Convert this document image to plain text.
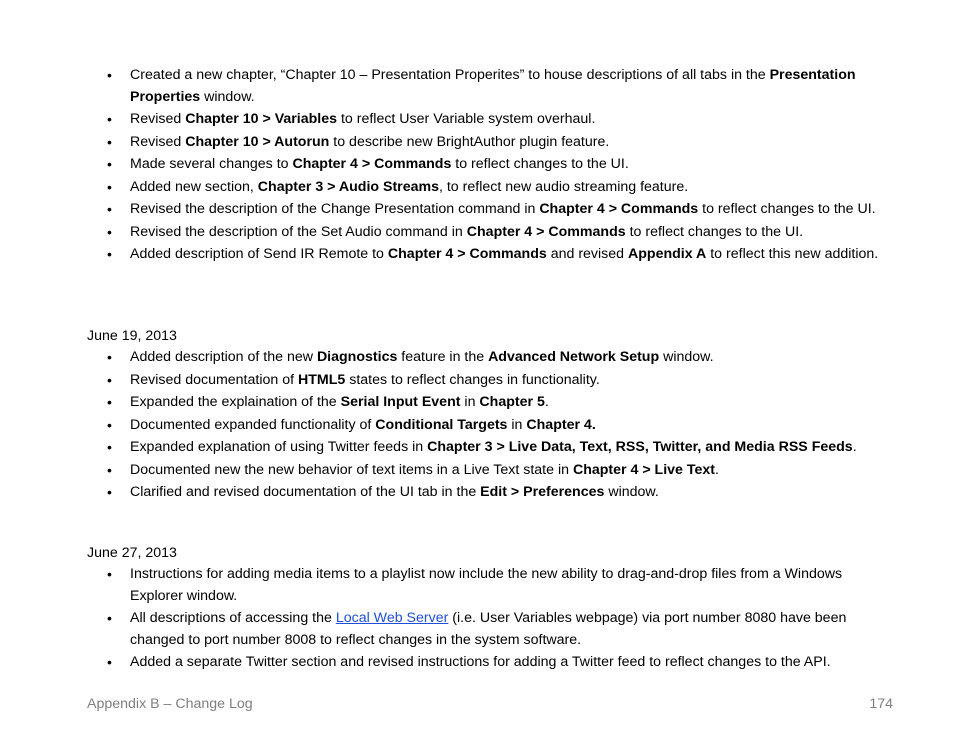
• Created a new chapter, “Chapter 10 – Presentation Properites” to house descriptions of all tabs in the Presentation Properties window.
• Revised Chapter 10 > Variables to reflect User Variable system overhaul.
• Revised Chapter 10 > Autorun to describe new BrightAuthor plugin feature.
• Made several changes to Chapter 4 > Commands to reflect changes to the UI.
• Added new section, Chapter 3 > Audio Streams, to reflect new audio streaming feature.
• Revised the description of the Change Presentation command in Chapter 4 > Commands to reflect changes to the UI.
• Revised the description of the Set Audio command in Chapter 4 > Commands to reflect changes to the UI.
• Added description of Send IR Remote to Chapter 4 > Commands and revised Appendix A to reflect this new addition.
June 19, 2013
• Added description of the new Diagnostics feature in the Advanced Network Setup window.
• Revised documentation of HTML5 states to reflect changes in functionality.
• Expanded the explaination of the Serial Input Event in Chapter 5.
• Documented expanded functionality of Conditional Targets in Chapter 4.
• Expanded explanation of using Twitter feeds in Chapter 3 > Live Data, Text, RSS, Twitter, and Media RSS Feeds.
• Documented new the new behavior of text items in a Live Text state in Chapter 4 > Live Text.
• Clarified and revised documentation of the UI tab in the Edit > Preferences window.
June 27, 2013
• Instructions for adding media items to a playlist now include the new ability to drag-and-drop files from a Windows Explorer window.
• All descriptions of accessing the Local Web Server (i.e. User Variables webpage) via port number 8080 have been changed to port number 8008 to reflect changes in the system software.
• Added a separate Twitter section and revised instructions for adding a Twitter feed to reflect changes to the API.
Appendix B – Change Log	174
